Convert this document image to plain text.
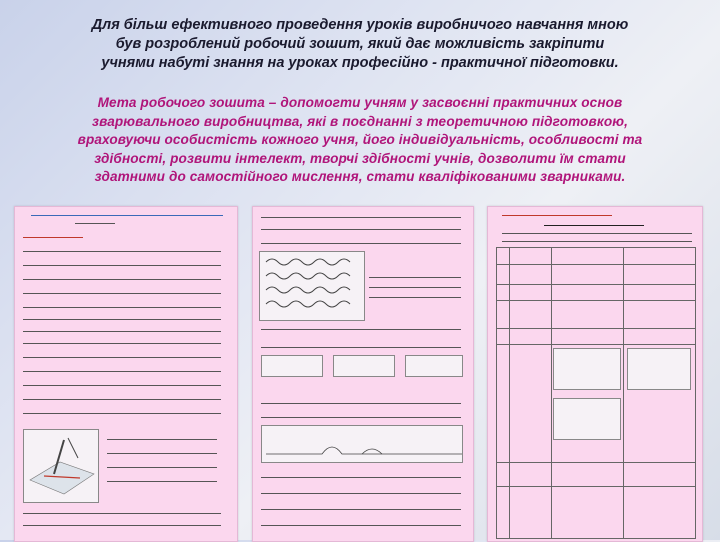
Для більш ефективного проведення уроків виробничого навчання мною
був розроблений робочий зошит, який дає можливість закріпити
учнями набуті знання на уроках професійно - практичної підготовки.
Мета робочого зошита – допомогти учням у засвоєнні практичних основ
зварювального виробництва, які в поєднанні з теоретичною підготовкою,
враховуючи особистість кожного учня, його індивідуальність, особливості та
здібності, розвити інтелект, творчі здібності учнів, дозволити їм стати
здатними до самостійного мислення, стати кваліфікованими зварниками.
